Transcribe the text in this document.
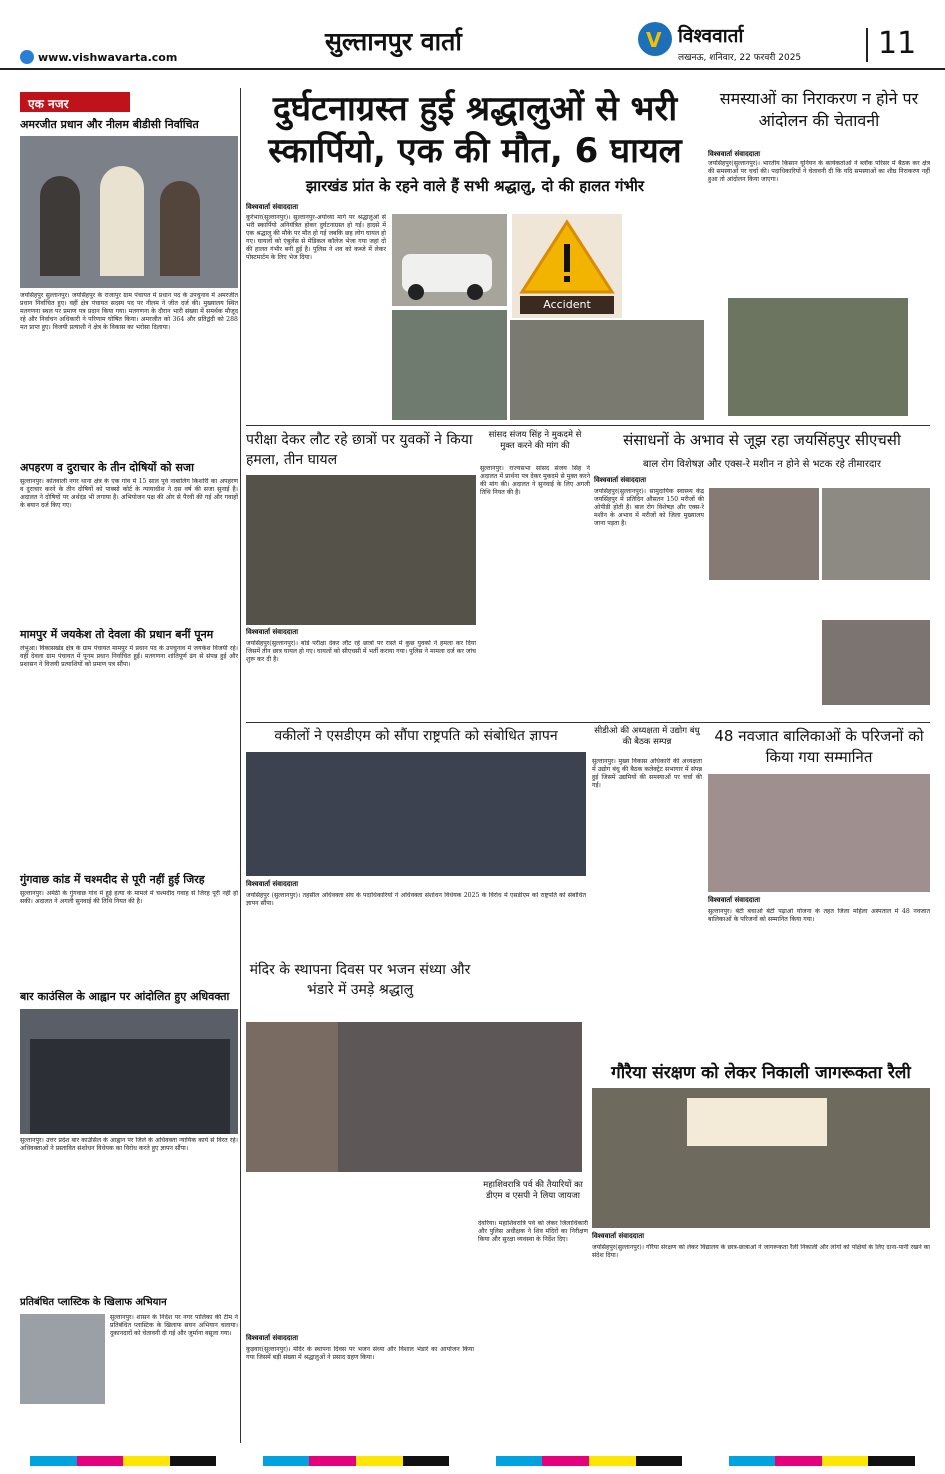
सुल्तानपुर वार्ता
www.vishwavarta.com
V विश्ववार्ता
लखनऊ, शनिवार, 22 फरवरी 2025	11
एक नजर
अमरजीत प्रधान और नीलम बीडीसी निर्वाचित
जयसिंहपुर सुल्तानपुर। जयसिंहपुर के राजापुर ग्राम पंचायत में प्रधान पद के उपचुनाव में अमरजीत प्रधान निर्वाचित हुए। वहीं क्षेत्र पंचायत सदस्य पद पर नीलम ने जीत दर्ज की। मुख्यालय स्थित मतगणना स्थल पर प्रमाण पत्र प्रदान किया गया। मतगणना के दौरान भारी संख्या में समर्थक मौजूद रहे और निर्वाचन अधिकारी ने परिणाम घोषित किया। अमरजीत को 364 और प्रतिद्वंदी को 288 मत प्राप्त हुए। विजयी प्रत्याशी ने क्षेत्र के विकास का भरोसा दिलाया।
अपहरण व दुराचार के तीन दोषियों को सजा
सुल्तानपुर। कोतवाली नगर थाना क्षेत्र के एक गांव में 15 साल पूर्व नाबालिग किशोरी का अपहरण व दुराचार करने के तीन दोषियों को पाक्सो कोर्ट के न्यायाधीश ने दस वर्ष की सजा सुनाई है। अदालत ने दोषियों पर अर्थदंड भी लगाया है। अभियोजन पक्ष की ओर से पैरवी की गई और गवाहों के बयान दर्ज किए गए।
मामपुर में जयकेश तो देवला की प्रधान बनीं पूनम
लंभुआ। विकासखंड क्षेत्र के ग्राम पंचायत मामपुर में प्रधान पद के उपचुनाव में जयकेश विजयी रहे। वहीं देवला ग्राम पंचायत में पूनम प्रधान निर्वाचित हुईं। मतगणना शांतिपूर्ण ढंग से संपन्न हुई और प्रशासन ने विजयी प्रत्याशियों को प्रमाण पत्र सौंपा।
गुंगवाछ कांड में चश्मदीद से पूरी नहीं हुई जिरह
सुल्तानपुर। अमेठी के गुंगवाछ गांव में हुई हत्या के मामले में चश्मदीद गवाह से जिरह पूरी नहीं हो सकी। अदालत ने अगली सुनवाई की तिथि नियत की है।
बार काउंसिल के आह्वान पर आंदोलित हुए अधिवक्ता
सुल्तानपुर। उत्तर प्रदेश बार काउंसिल के आह्वान पर जिले के अधिवक्ता न्यायिक कार्य से विरत रहे। अधिवक्ताओं ने प्रस्तावित संशोधन विधेयक का विरोध करते हुए ज्ञापन सौंपा।
प्रतिबंधित प्लास्टिक के खिलाफ अभियान
सुल्तानपुर। शासन के निर्देश पर नगर पालिका की टीम ने प्रतिबंधित प्लास्टिक के खिलाफ सघन अभियान चलाया। दुकानदारों को चेतावनी दी गई और जुर्माना वसूला गया।
दुर्घटनाग्रस्त हुई श्रद्धालुओं से भरी स्कार्पियो, एक की मौत, 6 घायल
झारखंड प्रांत के रहने वाले हैं सभी श्रद्धालु, दो की हालत गंभीर
विश्ववार्ता संवाददाता
कूरेभार(सुल्तानपुर)। सुल्तानपुर-अयोध्या मार्ग पर श्रद्धालुओं से भरी स्कार्पियो अनियंत्रित होकर दुर्घटनाग्रस्त हो गई। हादसे में एक श्रद्धालु की मौके पर मौत हो गई जबकि छह लोग घायल हो गए। घायलों को एंबुलेंस से मेडिकल कॉलेज भेजा गया जहां दो की हालत गंभीर बनी हुई है। पुलिस ने शव को कब्जे में लेकर पोस्टमार्टम के लिए भेज दिया।
Accident
समस्याओं का निराकरण न होने पर आंदोलन की चेतावनी
विश्ववार्ता संवाददाता
जयसिंहपुर(सुल्तानपुर)। भारतीय किसान यूनियन के कार्यकर्ताओं ने ब्लॉक परिसर में बैठक कर क्षेत्र की समस्याओं पर चर्चा की। पदाधिकारियों ने चेतावनी दी कि यदि समस्याओं का शीघ्र निराकरण नहीं हुआ तो आंदोलन किया जाएगा।
परीक्षा देकर लौट रहे छात्रों पर युवकों ने किया हमला, तीन घायल
विश्ववार्ता संवाददाता
जयसिंहपुर(सुल्तानपुर)। बोर्ड परीक्षा देकर लौट रहे छात्रों पर रास्ते में कुछ युवकों ने हमला कर दिया जिसमें तीन छात्र घायल हो गए। घायलों को सीएचसी में भर्ती कराया गया। पुलिस ने मामला दर्ज कर जांच शुरू कर दी है।
सांसद संजय सिंह ने मुकदमे से मुक्त करने की मांग की
सुल्तानपुर। राज्यसभा सांसद संजय सिंह ने अदालत में प्रार्थना पत्र देकर मुकदमे से मुक्त करने की मांग की। अदालत ने सुनवाई के लिए अगली तिथि नियत की है।
संसाधनों के अभाव से जूझ रहा जयसिंहपुर सीएचसी
बाल रोग विशेषज्ञ और एक्स-रे मशीन न होने से भटक रहे तीमारदार
विश्ववार्ता संवाददाता
जयसिंहपुर(सुल्तानपुर)। सामुदायिक स्वास्थ्य केंद्र जयसिंहपुर में प्रतिदिन औसतन 150 मरीजों की ओपीडी होती है। बाल रोग विशेषज्ञ और एक्स-रे मशीन के अभाव में मरीजों को जिला मुख्यालय जाना पड़ता है।
वकीलों ने एसडीएम को सौंपा राष्ट्रपति को संबोधित ज्ञापन
विश्ववार्ता संवाददाता
जयसिंहपुर (सुल्तानपुर)। तहसील अधिवक्ता संघ के पदाधिकारियों ने अधिवक्ता संशोधन विधेयक 2025 के विरोध में एसडीएम को राष्ट्रपति को संबोधित ज्ञापन सौंपा।
सीडीओ की अध्यक्षता में उद्योग बंधु की बैठक सम्पन्न
सुल्तानपुर। मुख्य विकास अधिकारी की अध्यक्षता में उद्योग बंधु की बैठक कलेक्ट्रेट सभागार में संपन्न हुई जिसमें उद्यमियों की समस्याओं पर चर्चा की गई।
48 नवजात बालिकाओं के परिजनों को किया गया सम्मानित
विश्ववार्ता संवाददाता
सुल्तानपुर। बेटी बचाओ बेटी पढ़ाओ योजना के तहत जिला महिला अस्पताल में 48 नवजात बालिकाओं के परिजनों को सम्मानित किया गया।
मंदिर के स्थापना दिवस पर भजन संध्या और भंडारे में उमड़े श्रद्धालु
विश्ववार्ता संवाददाता
कुड़वार(सुल्तानपुर)। मंदिर के स्थापना दिवस पर भजन संध्या और विशाल भंडारे का आयोजन किया गया जिसमें बड़ी संख्या में श्रद्धालुओं ने प्रसाद ग्रहण किया।
महाशिवरात्रि पर्व की तैयारियों का डीएम व एसपी ने लिया जायजा
देवरिया। महाशिवरात्रि पर्व को लेकर जिलाधिकारी और पुलिस अधीक्षक ने शिव मंदिरों का निरीक्षण किया और सुरक्षा व्यवस्था के निर्देश दिए।
गौरैया संरक्षण को लेकर निकाली जागरूकता रैली
विश्ववार्ता संवाददाता
जयसिंहपुर(सुल्तानपुर)। गौरैया संरक्षण को लेकर विद्यालय के छात्र-छात्राओं ने जागरूकता रैली निकाली और लोगों को पक्षियों के लिए दाना-पानी रखने का संदेश दिया।
